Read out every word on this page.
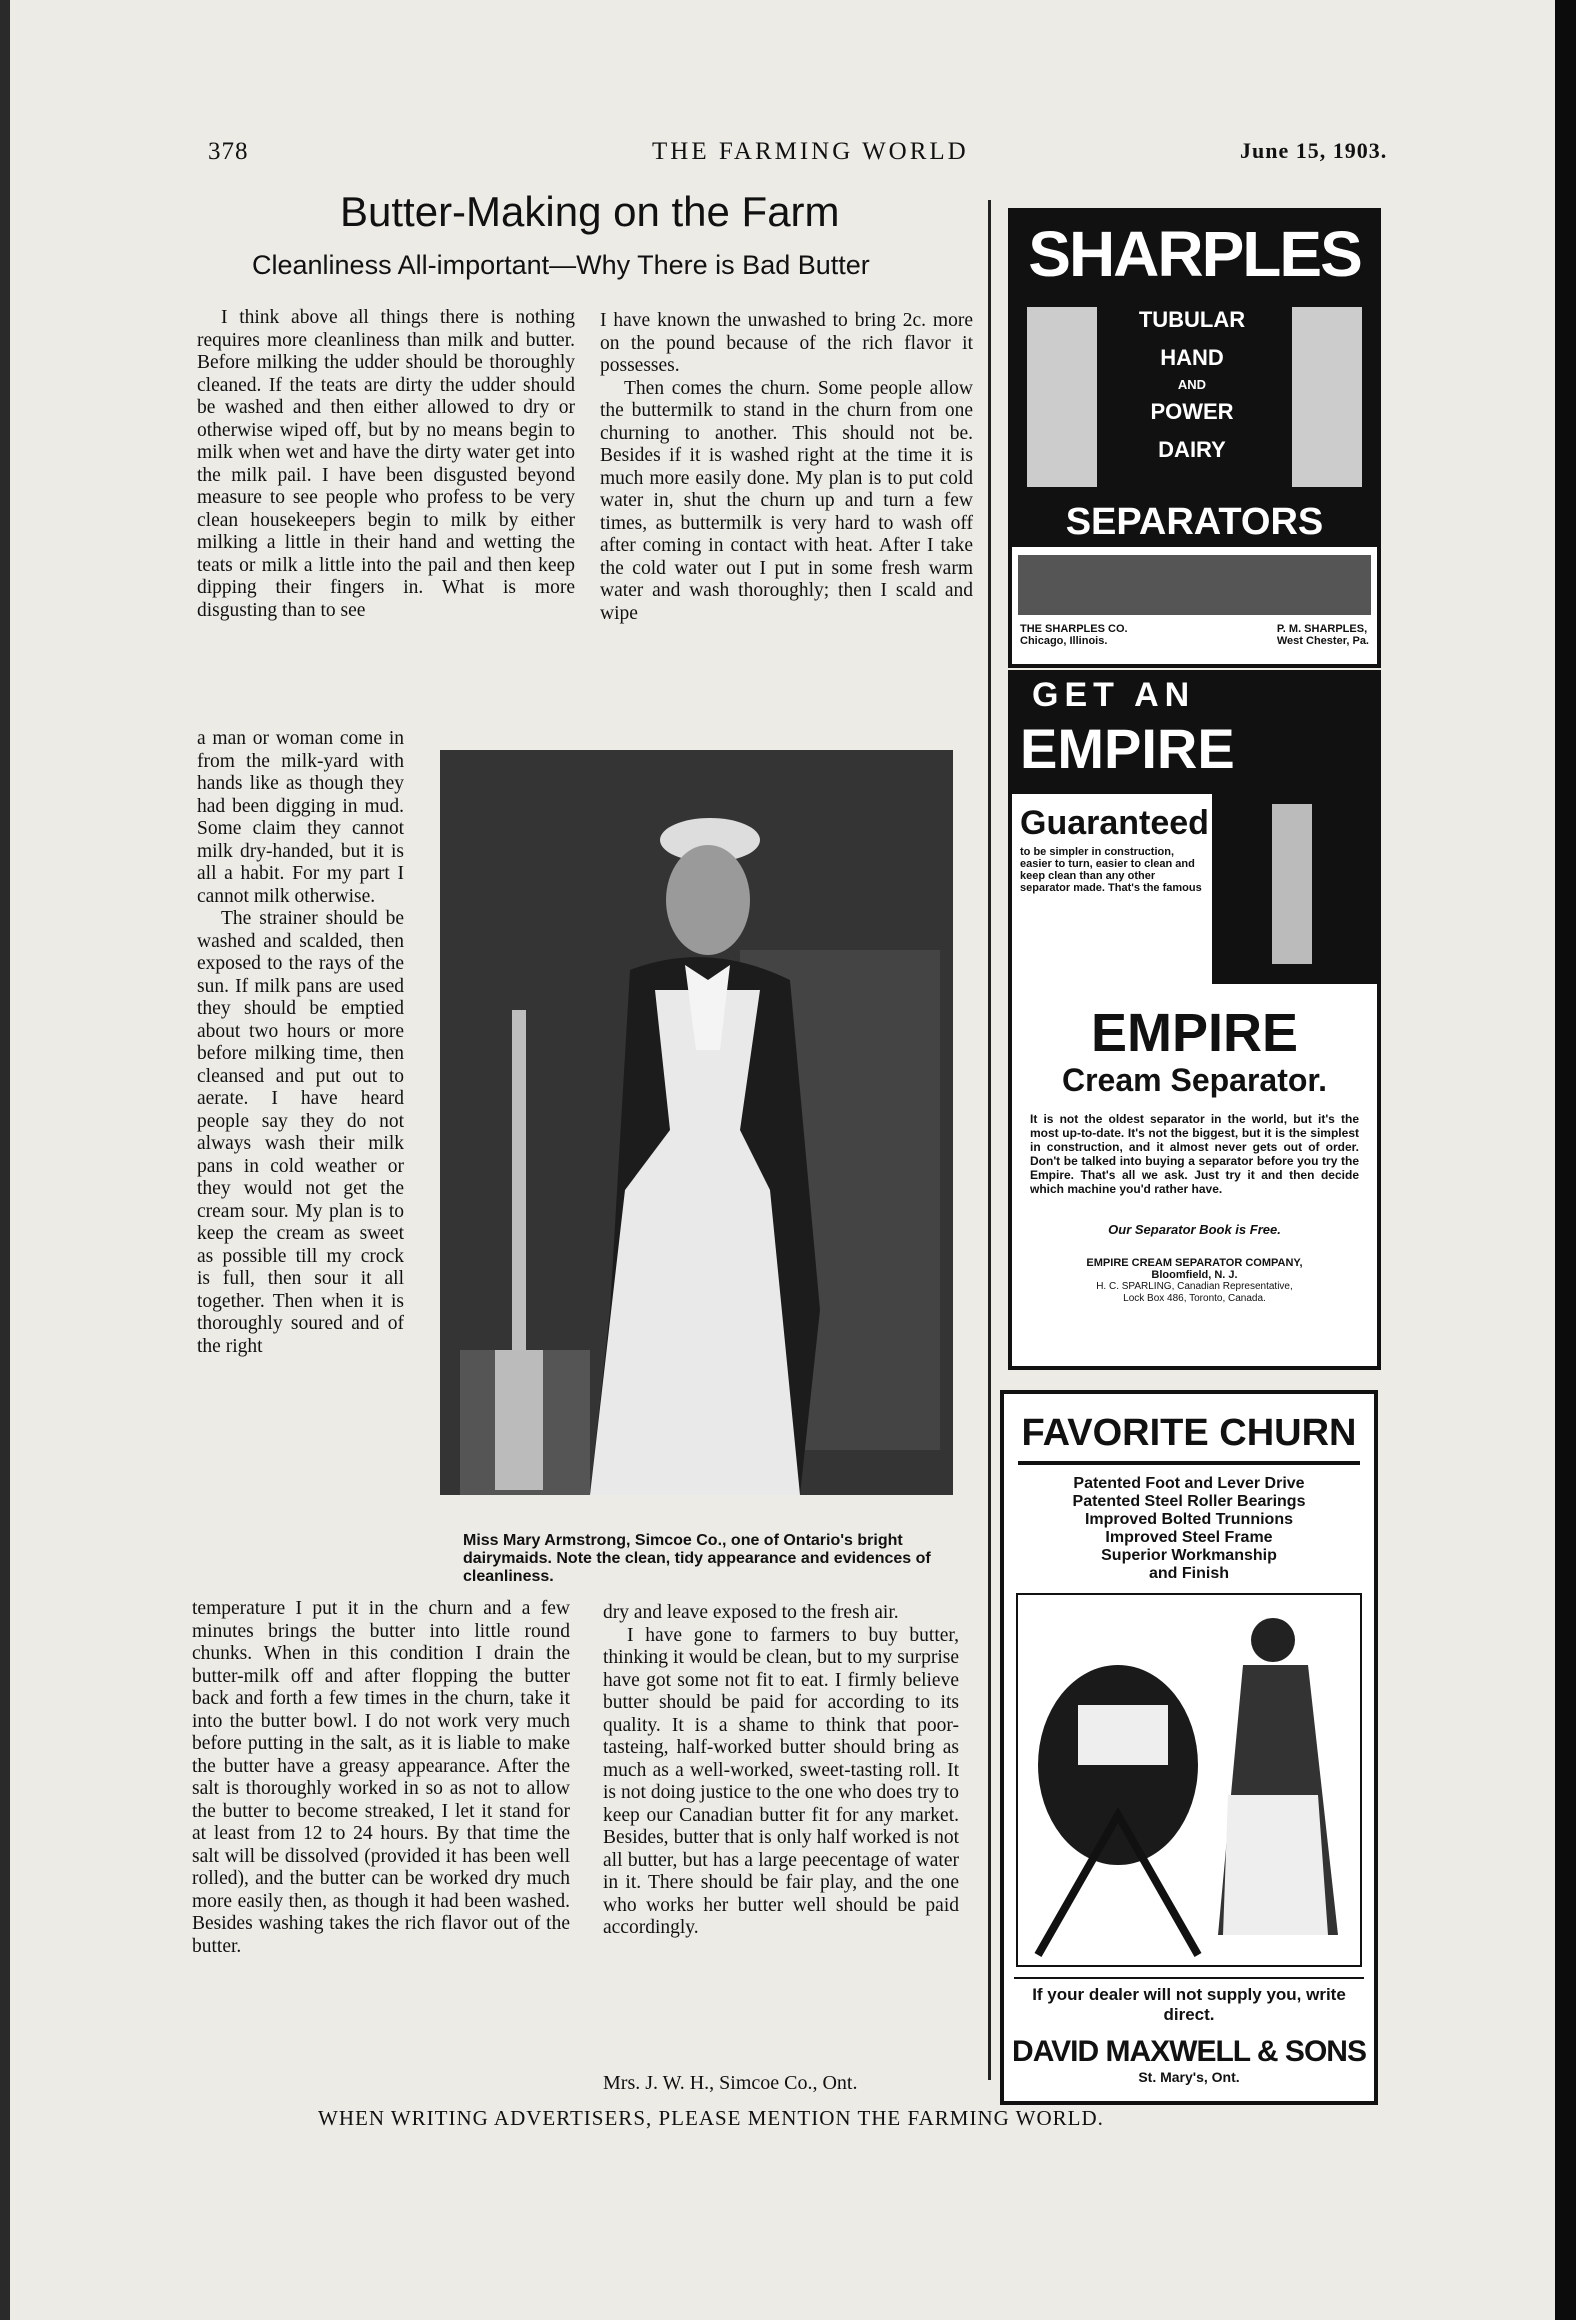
378	THE FARMING WORLD	June 15, 1903.
Butter-Making on the Farm
Cleanliness All-important—Why There is Bad Butter

I think above all things there is nothing requires more cleanliness than milk and butter. Before milking the udder should be thoroughly cleaned. If the teats are dirty the udder should be washed and then either allowed to dry or otherwise wiped off, but by no means begin to milk when wet and have the dirty water get into the milk pail. I have been disgusted beyond measure to see people who profess to be very clean housekeepers begin to milk by either milking a little in their hand and wetting the teats or milk a little into the pail and then keep dipping their fingers in. What is more disgusting than to see

a man or woman come in from the milk-yard with hands like as though they had been digging in mud. Some claim they cannot milk dry-handed, but it is all a habit. For my part I cannot milk otherwise.

The strainer should be washed and scalded, then exposed to the rays of the sun. If milk pans are used they should be emptied about two hours or more before milking time, then cleansed and put out to aerate. I have heard people say they do not always wash their milk pans in cold weather or they would not get the cream sour. My plan is to keep the cream as sweet as possible till my crock is full, then sour it all together. Then when it is thoroughly soured and of the right

temperature I put it in the churn and a few minutes brings the butter into little round chunks. When in this condition I drain the butter-milk off and after flopping the butter back and forth a few times in the churn, take it into the butter bowl. I do not work very much before putting in the salt, as it is liable to make the butter have a greasy appearance. After the salt is thoroughly worked in so as not to allow the butter to become streaked, I let it stand for at least from 12 to 24 hours. By that time the salt will be dissolved (provided it has been well rolled), and the butter can be worked dry much more easily then, as though it had been washed. Besides washing takes the rich flavor out of the butter.

I have known the unwashed to bring 2c. more on the pound because of the rich flavor it possesses.

Then comes the churn. Some people allow the buttermilk to stand in the churn from one churning to another. This should not be. Besides if it is washed right at the time it is much more easily done. My plan is to put cold water in, shut the churn up and turn a few times, as buttermilk is very hard to wash off after coming in contact with heat. After I take the cold water out I put in some fresh warm water and wash thoroughly; then I scald and wipe

dry and leave exposed to the fresh air.

I have gone to farmers to buy butter, thinking it would be clean, but to my surprise have got some not fit to eat. I firmly believe butter should be paid for according to its quality. It is a shame to think that poor-tasteing, half-worked butter should bring as much as a well-worked, sweet-tasting roll. It is not doing justice to the one who does try to keep our Canadian butter fit for any market. Besides, butter that is only half worked is not all butter, but has a large peecentage of water in it. There should be fair play, and the one who works her butter well should be paid accordingly.

Mrs. J. W. H., Simcoe Co., Ont.
Miss Mary Armstrong, Simcoe Co., one of Ontario's bright dairymaids. Note the clean, tidy appearance and evidences of cleanliness.
SHARPLES
TUBULAR
HAND
AND
POWER
DAIRY
SEPARATORS
THE SHARPLES CO.
Chicago, Illinois.
P. M. SHARPLES,
West Chester, Pa.
GET AN
EMPIRE
Guaranteed
to be simpler in construction, easier to turn, easier to clean and keep clean than any other separator made. That's the famous
EMPIRE
Cream Separator.
It is not the oldest separator in the world, but it's the most up-to-date. It's not the biggest, but it is the simplest in construction, and it almost never gets out of order. Don't be talked into buying a separator before you try the Empire. That's all we ask. Just try it and then decide which machine you'd rather have.
Our Separator Book is Free.
EMPIRE CREAM SEPARATOR COMPANY,
Bloomfield, N. J.
H. C. SPARLING, Canadian Representative,
Lock Box 486, Toronto, Canada.
FAVORITE CHURN
Patented Foot and Lever Drive
Patented Steel Roller Bearings
Improved Bolted Trunnions
Improved Steel Frame
Superior Workmanship
and Finish
If your dealer will not supply you, write direct.
DAVID MAXWELL & SONS
St. Mary's, Ont.
WHEN WRITING ADVERTISERS, PLEASE MENTION THE FARMING WORLD.
